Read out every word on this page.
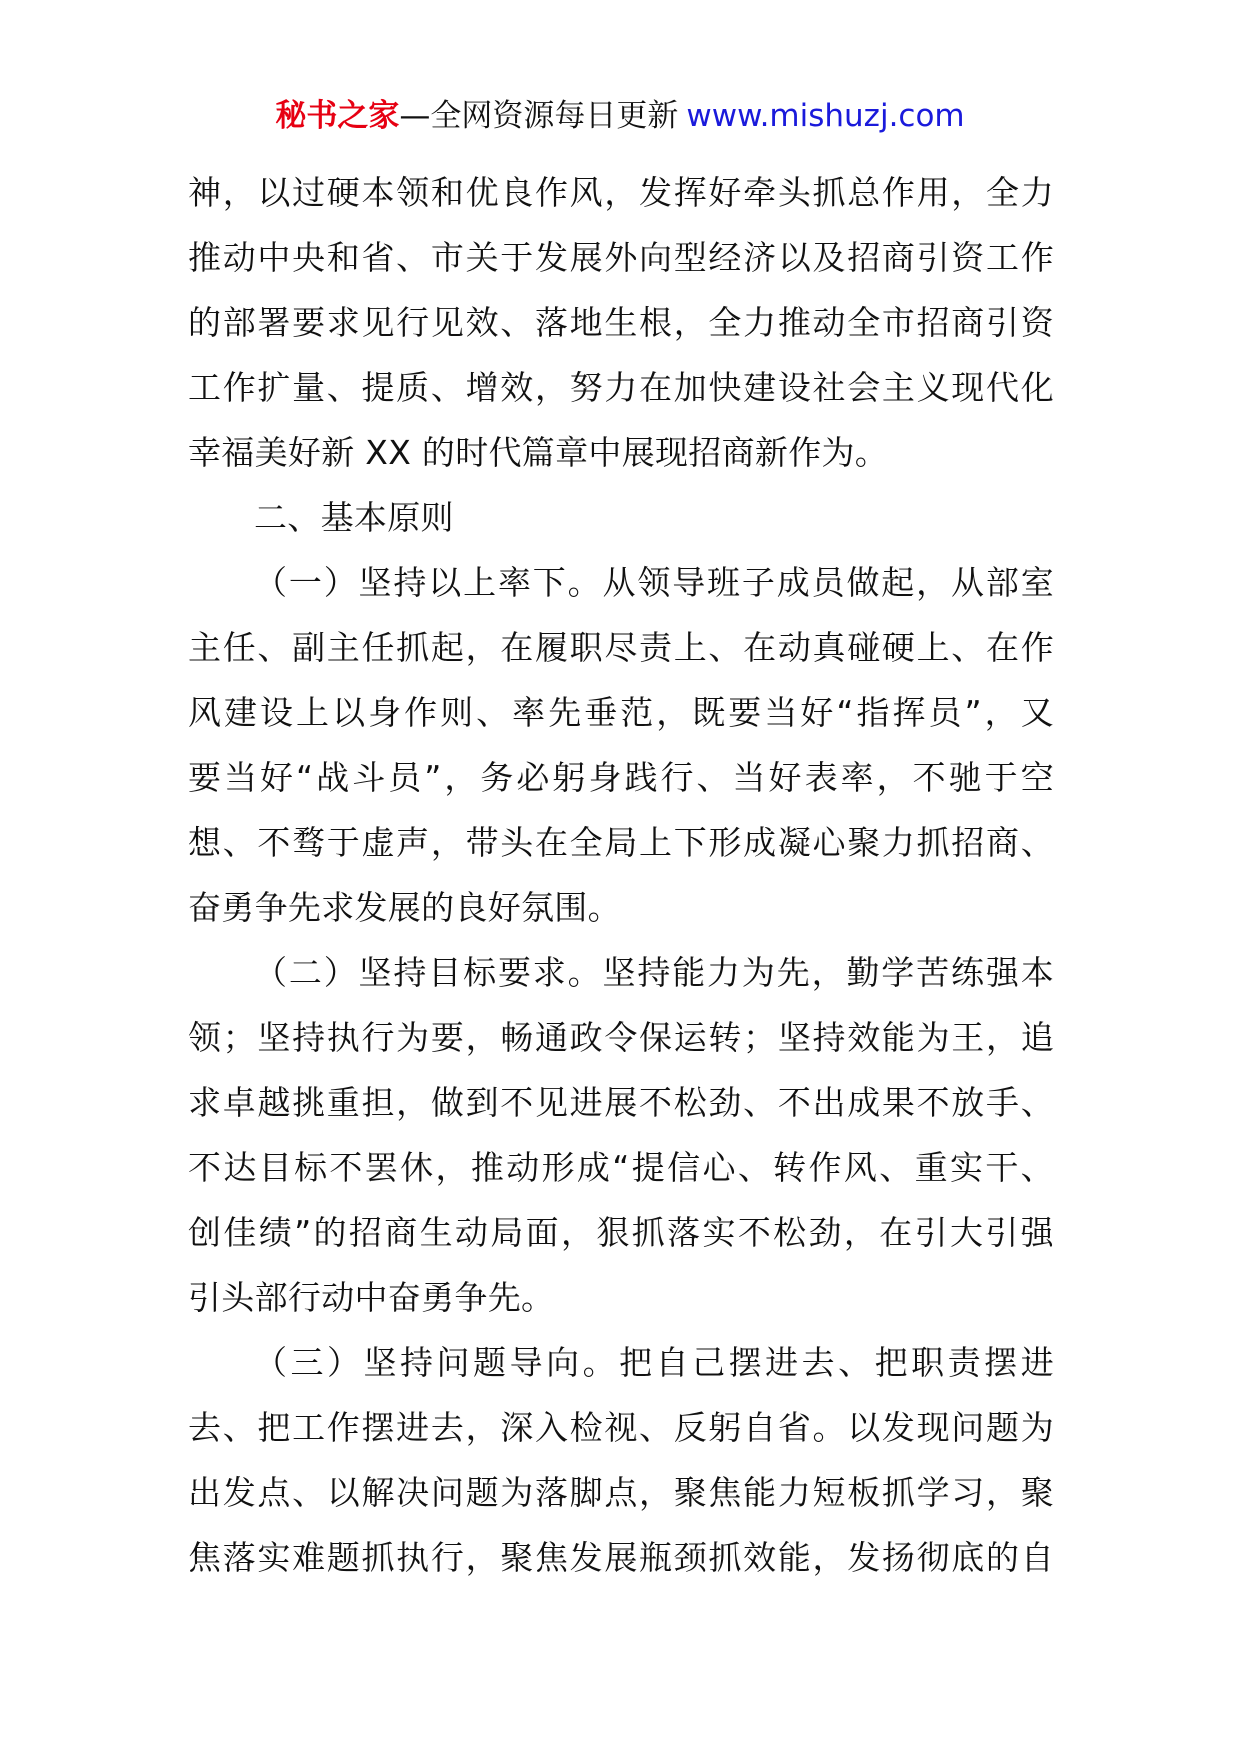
秘书之家—全网资源每日更新 www.mishuzj.com
神，以过硬本领和优良作风，发挥好牵头抓总作用，全力
推动中央和省、市关于发展外向型经济以及招商引资工作
的部署要求见行见效、落地生根，全力推动全市招商引资
工作扩量、提质、增效，努力在加快建设社会主义现代化
幸福美好新 XX 的时代篇章中展现招商新作为。
二、基本原则
（一）坚持以上率下。从领导班子成员做起，从部室
主任、副主任抓起，在履职尽责上、在动真碰硬上、在作
风建设上以身作则、率先垂范，既要当好“指挥员”，又
要当好“战斗员”，务必躬身践行、当好表率，不驰于空
想、不骛于虚声，带头在全局上下形成凝心聚力抓招商、
奋勇争先求发展的良好氛围。
（二）坚持目标要求。坚持能力为先，勤学苦练强本
领；坚持执行为要，畅通政令保运转；坚持效能为王，追
求卓越挑重担，做到不见进展不松劲、不出成果不放手、
不达目标不罢休，推动形成“提信心、转作风、重实干、
创佳绩”的招商生动局面，狠抓落实不松劲，在引大引强
引头部行动中奋勇争先。
（三）坚持问题导向。把自己摆进去、把职责摆进
去、把工作摆进去，深入检视、反躬自省。以发现问题为
出发点、以解决问题为落脚点，聚焦能力短板抓学习，聚
焦落实难题抓执行，聚焦发展瓶颈抓效能，发扬彻底的自
